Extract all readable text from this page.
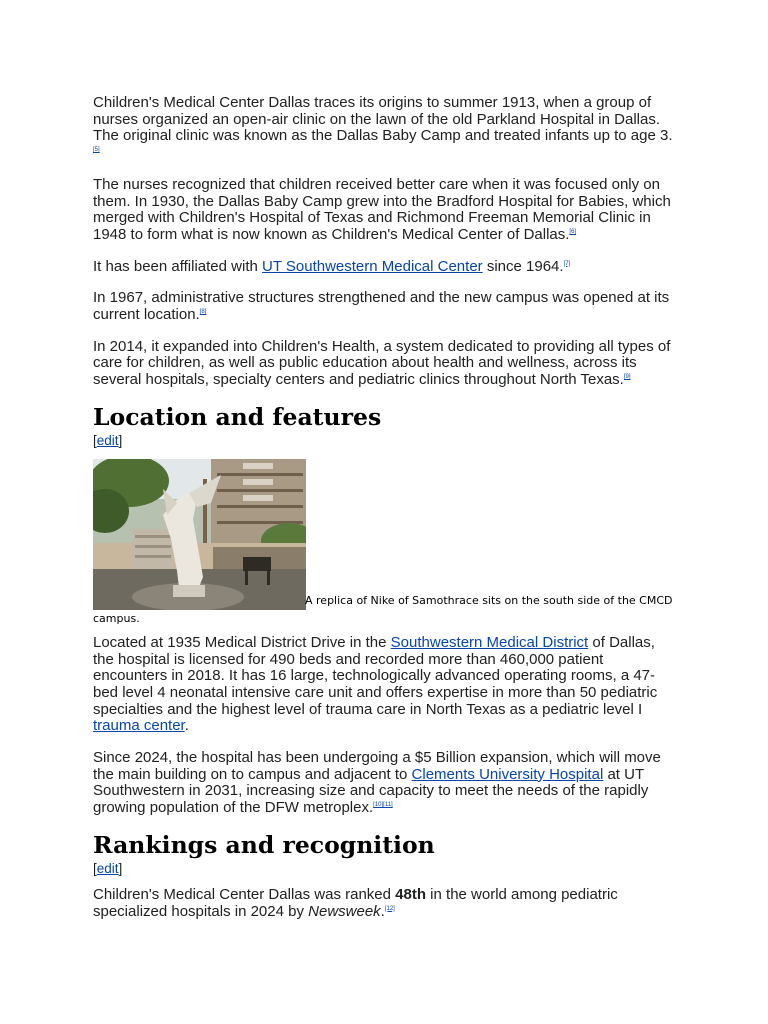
Children's Medical Center Dallas traces its origins to summer 1913, when a group of nurses organized an open-air clinic on the lawn of the old Parkland Hospital in Dallas. The original clinic was known as the Dallas Baby Camp and treated infants up to age 3.[5]

The nurses recognized that children received better care when it was focused only on them. In 1930, the Dallas Baby Camp grew into the Bradford Hospital for Babies, which merged with Children's Hospital of Texas and Richmond Freeman Memorial Clinic in 1948 to form what is now known as Children's Medical Center of Dallas.[6]

It has been affiliated with UT Southwestern Medical Center since 1964.[7]

In 1967, administrative structures strengthened and the new campus was opened at its current location.[8]

In 2014, it expanded into Children's Health, a system dedicated to providing all types of care for children, as well as public education about health and wellness, across its several hospitals, specialty centers and pediatric clinics throughout North Texas.[9]

Location and features
[edit]
A replica of Nike of Samothrace sits on the south side of the CMCD campus.

Located at 1935 Medical District Drive in the Southwestern Medical District of Dallas, the hospital is licensed for 490 beds and recorded more than 460,000 patient encounters in 2018. It has 16 large, technologically advanced operating rooms, a 47-bed level 4 neonatal intensive care unit and offers expertise in more than 50 pediatric specialties and the highest level of trauma care in North Texas as a pediatric level I trauma center.

Since 2024, the hospital has been undergoing a $5 Billion expansion, which will move the main building on to campus and adjacent to Clements University Hospital at UT Southwestern in 2031, increasing size and capacity to meet the needs of the rapidly growing population of the DFW metroplex.[10][11]

Rankings and recognition
[edit]

Children's Medical Center Dallas was ranked 48th in the world among pediatric specialized hospitals in 2024 by Newsweek.[12]
